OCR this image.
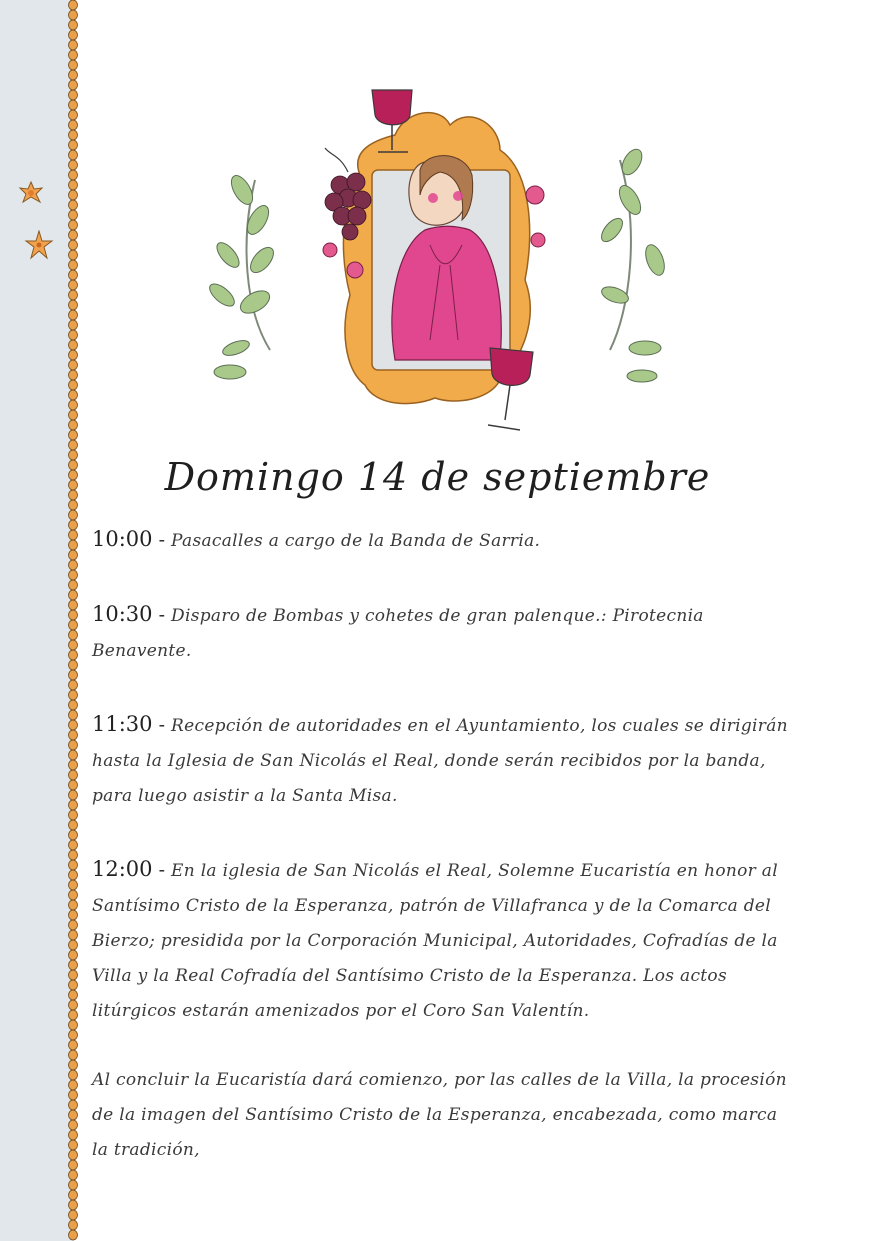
Domingo 14 de septiembre

10:00 - Pasacalles a cargo de la Banda de Sarria.

10:30 - Disparo de Bombas y cohetes de gran palenque.: Pirotecnia Benavente.

11:30 - Recepción de autoridades en el Ayuntamiento, los cuales se dirigirán hasta la Iglesia de San Nicolás el Real, donde serán recibidos por la banda, para luego asistir a la Santa Misa.

12:00 - En la iglesia de San Nicolás el Real, Solemne Eucaristía en honor al Santísimo Cristo de la Esperanza, patrón de Villafranca y de la Comarca del Bierzo; presidida por la Corporación Municipal, Autoridades, Cofradías de la Villa y la Real Cofradía del Santísimo Cristo de la Esperanza. Los actos litúrgicos estarán amenizados por el Coro San Valentín.

Al concluir la Eucaristía dará comienzo, por las calles de la Villa, la procesión de la imagen del Santísimo Cristo de la Esperanza, encabezada, como marca la tradición,
